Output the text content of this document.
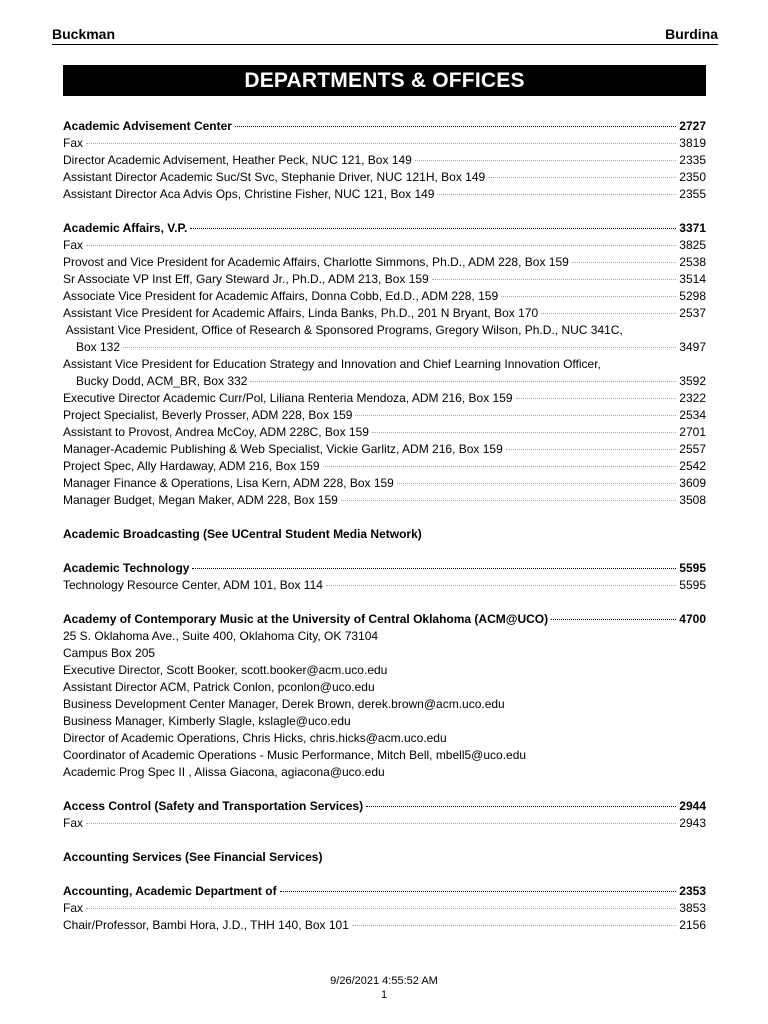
Buckman	Burdina
DEPARTMENTS & OFFICES
Academic Advisement Center	2727
Fax	3819
Director Academic Advisement, Heather Peck, NUC 121, Box 149	2335
Assistant Director Academic Suc/St Svc, Stephanie Driver, NUC 121H, Box 149	2350
Assistant Director Aca Advis Ops, Christine Fisher, NUC 121, Box 149	2355
Academic Affairs, V.P.	3371
Fax	3825
Provost and Vice President for Academic Affairs, Charlotte Simmons, Ph.D., ADM 228, Box 159	2538
Sr Associate VP Inst Eff, Gary Steward Jr., Ph.D., ADM 213, Box 159	3514
Associate Vice President for Academic Affairs, Donna Cobb, Ed.D., ADM 228, 159	5298
Assistant Vice President for Academic Affairs, Linda Banks, Ph.D., 201 N Bryant, Box 170	2537
Assistant Vice President, Office of Research & Sponsored Programs, Gregory Wilson, Ph.D., NUC 341C,
Box 132	3497
Assistant Vice President for Education Strategy and Innovation and Chief Learning Innovation Officer,
Bucky Dodd, ACM_BR, Box 332	3592
Executive Director Academic Curr/Pol, Liliana Renteria Mendoza, ADM 216, Box 159	2322
Project Specialist, Beverly Prosser, ADM 228, Box 159	2534
Assistant to Provost, Andrea McCoy, ADM 228C, Box 159	2701
Manager-Academic Publishing & Web Specialist, Vickie Garlitz, ADM 216, Box 159	2557
Project Spec, Ally Hardaway, ADM 216, Box 159	2542
Manager Finance & Operations, Lisa Kern, ADM 228, Box 159	3609
Manager Budget, Megan Maker, ADM 228, Box 159	3508
Academic Broadcasting (See UCentral Student Media Network)
Academic Technology	5595
Technology Resource Center, ADM 101, Box 114	5595
Academy of Contemporary Music at the University of Central Oklahoma (ACM@UCO)	4700
25 S. Oklahoma Ave., Suite 400, Oklahoma City, OK 73104
Campus Box 205
Executive Director, Scott Booker, scott.booker@acm.uco.edu
Assistant Director ACM, Patrick Conlon, pconlon@uco.edu
Business Development Center Manager, Derek Brown, derek.brown@acm.uco.edu
Business Manager, Kimberly Slagle, kslagle@uco.edu
Director of Academic Operations, Chris Hicks, chris.hicks@acm.uco.edu
Coordinator of Academic Operations - Music Performance, Mitch Bell, mbell5@uco.edu
Academic Prog Spec II , Alissa Giacona, agiacona@uco.edu
Access Control (Safety and Transportation Services)	2944
Fax	2943
Accounting Services (See Financial Services)
Accounting, Academic Department of	2353
Fax	3853
Chair/Professor, Bambi Hora, J.D., THH 140, Box 101	2156
9/26/2021 4:55:52 AM
1
